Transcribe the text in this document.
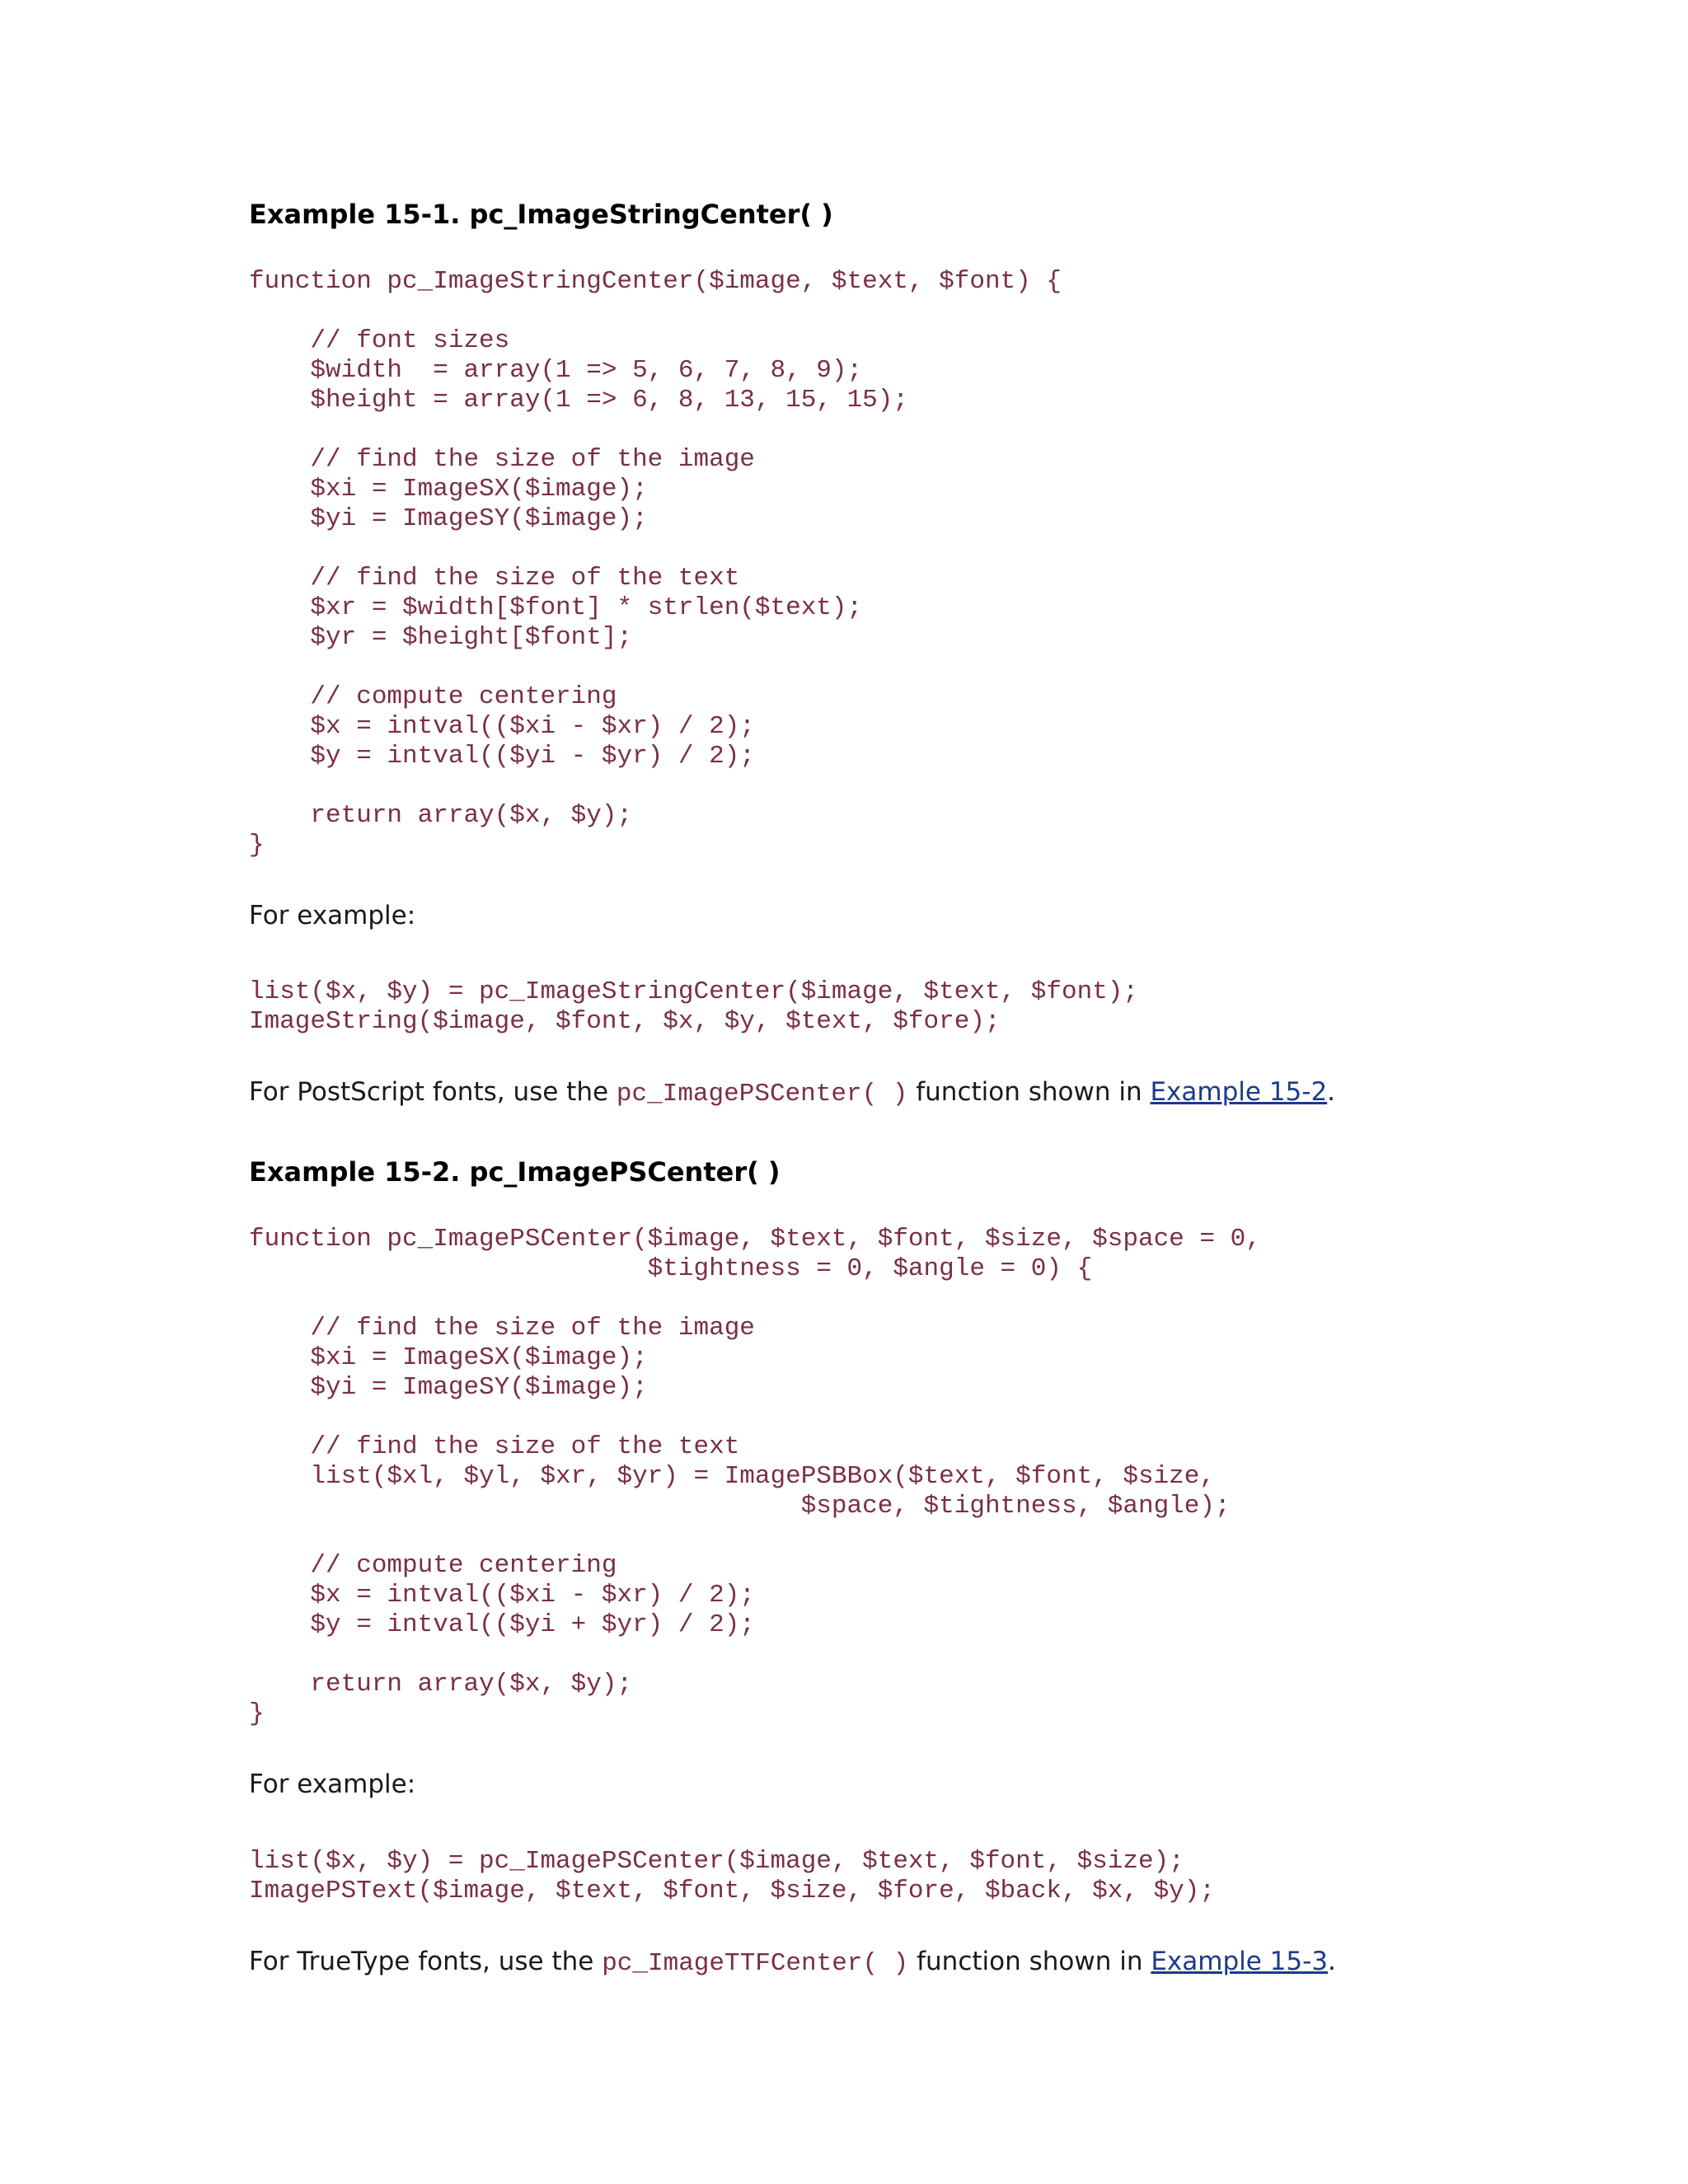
Example 15-1. pc_ImageStringCenter( )
function pc_ImageStringCenter($image, $text, $font) {

// font sizes
$width  = array(1 => 5, 6, 7, 8, 9);
$height = array(1 => 6, 8, 13, 15, 15);

// find the size of the image
$xi = ImageSX($image);
$yi = ImageSY($image);

// find the size of the text
$xr = $width[$font] * strlen($text);
$yr = $height[$font];

// compute centering
$x = intval(($xi - $xr) / 2);
$y = intval(($yi - $yr) / 2);

return array($x, $y);
}

For example:

list($x, $y) = pc_ImageStringCenter($image, $text, $font);
ImageString($image, $font, $x, $y, $text, $fore);

For PostScript fonts, use the pc_ImagePSCenter( ) function shown in Example 15-2.

Example 15-2. pc_ImagePSCenter( )
function pc_ImagePSCenter($image, $text, $font, $size, $space = 0,
$tightness = 0, $angle = 0) {

// find the size of the image
$xi = ImageSX($image);
$yi = ImageSY($image);

// find the size of the text
list($xl, $yl, $xr, $yr) = ImagePSBBox($text, $font, $size,
$space, $tightness, $angle);

// compute centering
$x = intval(($xi - $xr) / 2);
$y = intval(($yi + $yr) / 2);

return array($x, $y);
}

For example:

list($x, $y) = pc_ImagePSCenter($image, $text, $font, $size);
ImagePSText($image, $text, $font, $size, $fore, $back, $x, $y);

For TrueType fonts, use the pc_ImageTTFCenter( ) function shown in Example 15-3.
